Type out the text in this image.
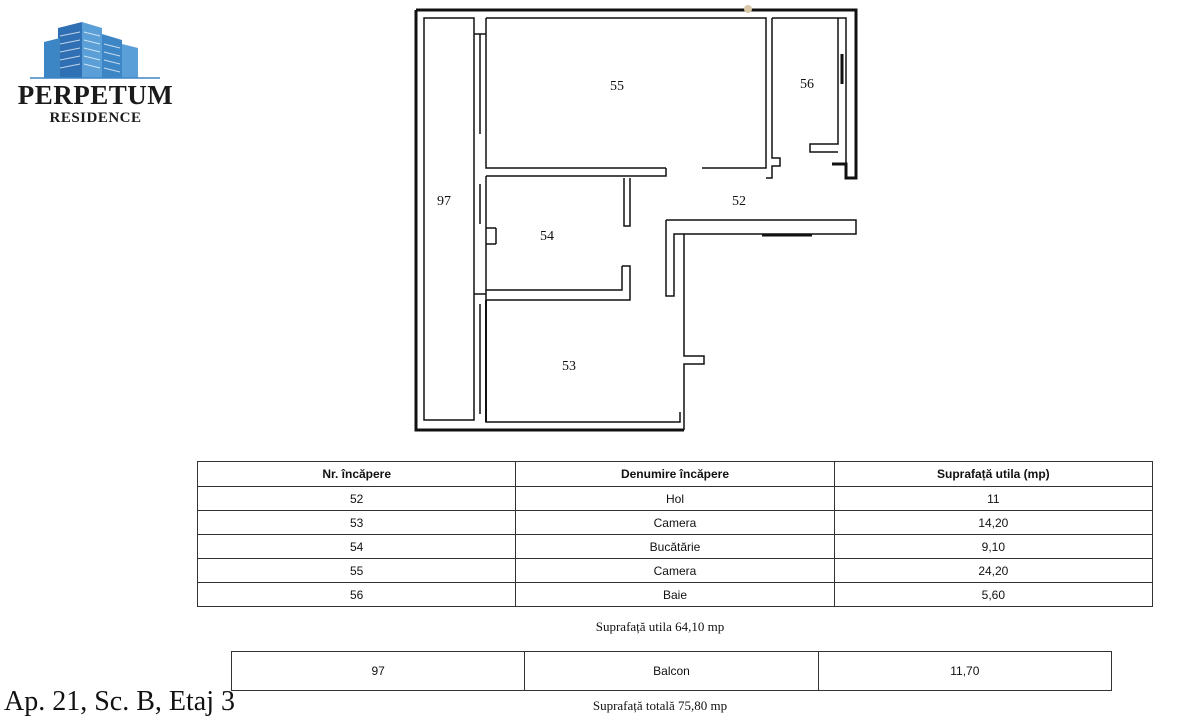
PERPETUM
RESIDENCE
55	56
97	52
54
53
Nr. încăpere	Denumire încăpere	Suprafață utila (mp)
52	Hol	11
53	Camera	14,20
54	Bucătărie	9,10
55	Camera	24,20
56	Baie	5,60
Suprafață utila 64,10 mp
97	Balcon	11,70
Ap. 21, Sc. B, Etaj 3	Suprafață totală 75,80 mp
